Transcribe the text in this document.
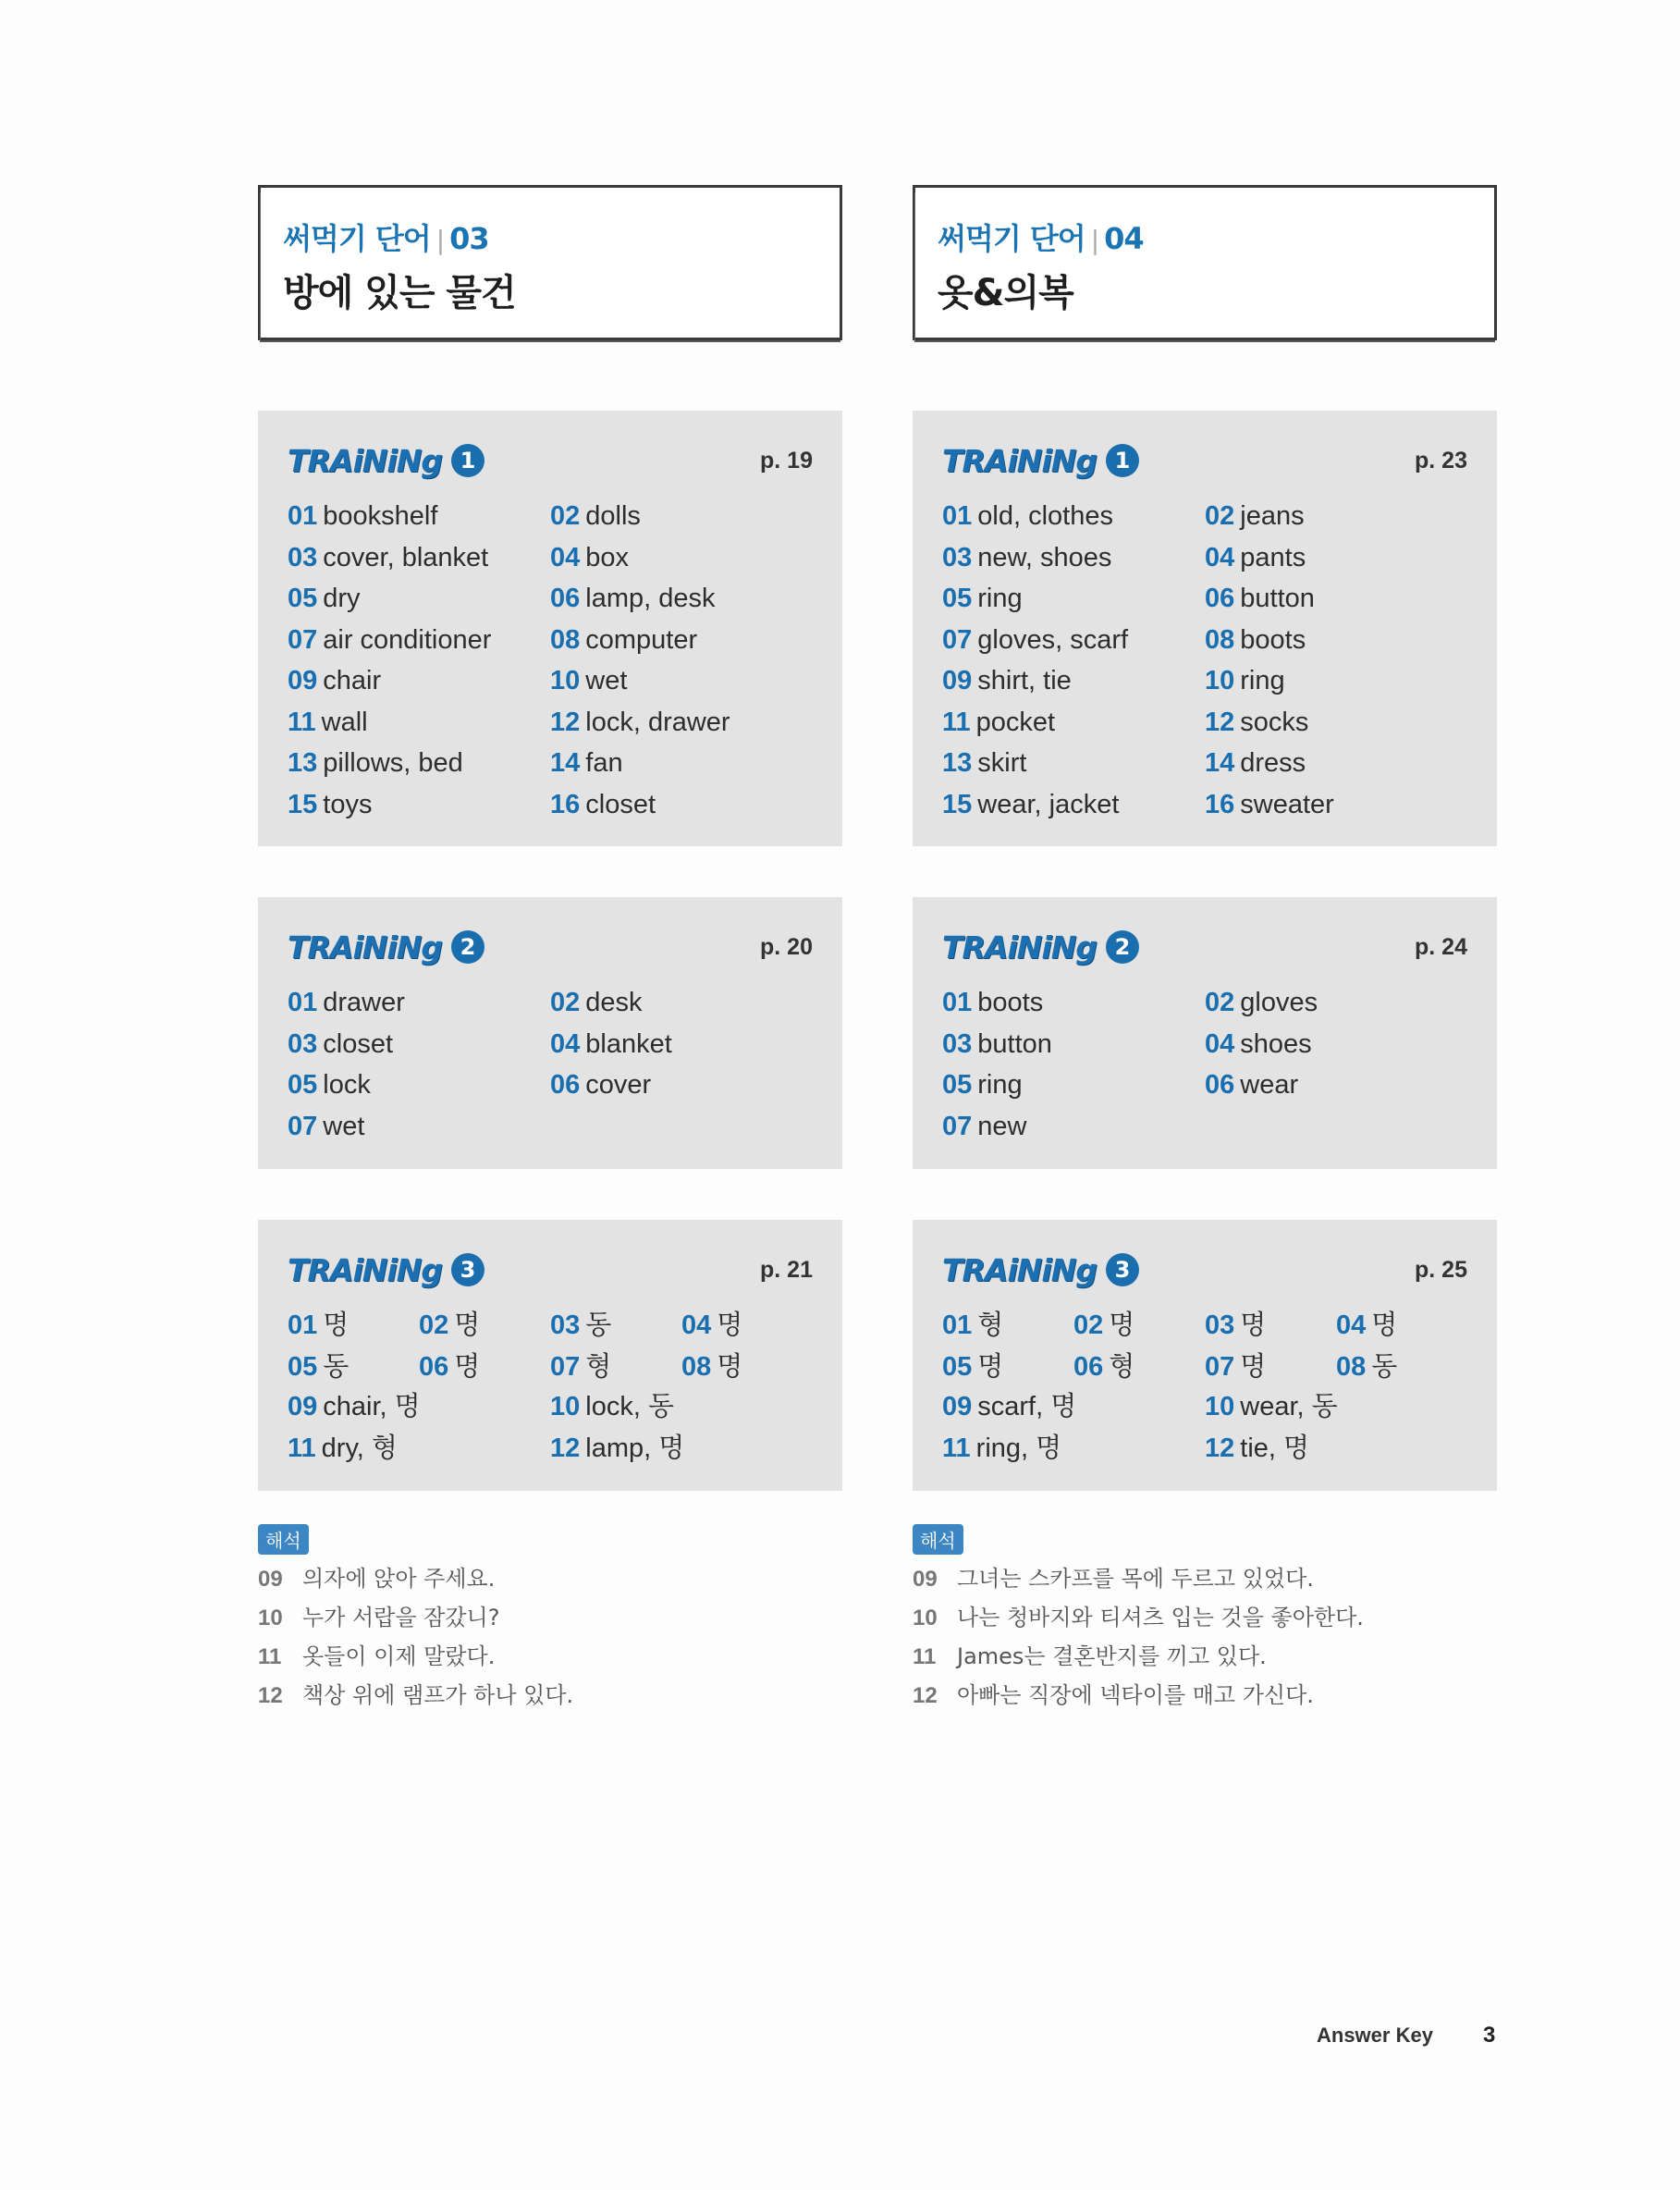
써먹기 단어 | 03
방에 있는 물건
TRAiNiNg 1	p. 19
01 bookshelf	02 dolls
03 cover, blanket	04 box
05 dry	06 lamp, desk
07 air conditioner	08 computer
09 chair	10 wet
11 wall	12 lock, drawer
13 pillows, bed	14 fan
15 toys	16 closet
TRAiNiNg 2	p. 20
01 drawer	02 desk
03 closet	04 blanket
05 lock	06 cover
07 wet
TRAiNiNg 3	p. 21
01 명	02 명	03 동	04 명
05 동	06 명	07 형	08 명
09 chair, 명	10 lock, 동
11 dry, 형	12 lamp, 명
해석
09 의자에 앉아 주세요.
10 누가 서랍을 잠갔니?
11 옷들이 이제 말랐다.
12 책상 위에 램프가 하나 있다.
써먹기 단어 | 04
옷&의복
TRAiNiNg 1	p. 23
01 old, clothes	02 jeans
03 new, shoes	04 pants
05 ring	06 button
07 gloves, scarf	08 boots
09 shirt, tie	10 ring
11 pocket	12 socks
13 skirt	14 dress
15 wear, jacket	16 sweater
TRAiNiNg 2	p. 24
01 boots	02 gloves
03 button	04 shoes
05 ring	06 wear
07 new
TRAiNiNg 3	p. 25
01 형	02 명	03 명	04 명
05 명	06 형	07 명	08 동
09 scarf, 명	10 wear, 동
11 ring, 명	12 tie, 명
해석
09 그녀는 스카프를 목에 두르고 있었다.
10 나는 청바지와 티셔츠 입는 것을 좋아한다.
11 James는 결혼반지를 끼고 있다.
12 아빠는 직장에 넥타이를 매고 가신다.
Answer Key 3
